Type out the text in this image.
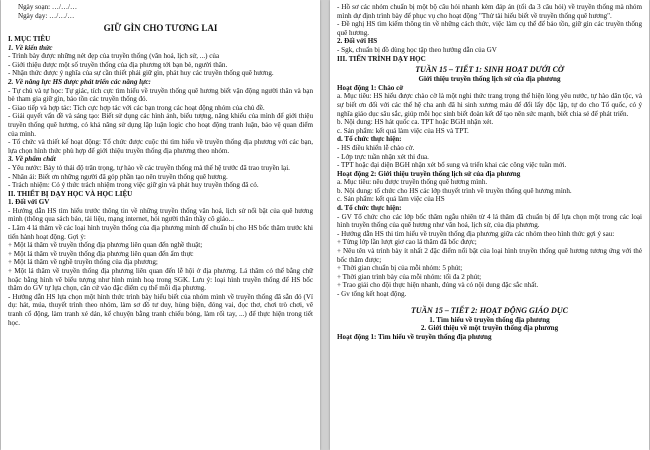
Ngày soạn: …/…/…
Ngày dạy: …/…/…
GIỮ GÌN CHO TƯƠNG LAI

I. MỤC TIÊU

1. Về kiến thức

- Trình bày được những nét đẹp của truyền thống (văn hoá, lịch sử, ...) của

- Giới thiệu được một số truyền thống của địa phương tới bạn bè, người thân.

- Nhận thức được ý nghĩa của sự cần thiết phải giữ gìn, phát huy các truyền thống quê hương.

2. Về năng lực HS được phát triển các năng lực:

- Tự chủ và tự học: Tự giác, tích cực tìm hiểu về truyền thống quê hương biết vận động người thân và bạn bè tham gia giữ gìn, bảo tồn các truyền thống đó.

- Giao tiếp và hợp tác: Tích cực hợp tác với các bạn trong các hoạt động nhóm của chủ đề.

- Giải quyết vấn đề và sáng tạo: Biết sử dụng các hình ảnh, biểu tượng, năng khiếu của mình để giới thiệu truyền thống quê hương, có khả năng sử dụng lập luận logic cho hoạt động tranh luận, bảo vệ quan điểm của mình.

- Tổ chức và thiết kế hoạt động: Tổ chức được cuộc thi tìm hiểu về truyền thống địa phương với các bạn, lựa chọn hình thức phù hợp để giới thiệu truyền thống địa phương theo nhóm.

3. Về phẩm chất

- Yêu nước: Bày tỏ thái độ trân trọng, tự hào về các truyền thống mà thế hệ trước đã trao truyền lại.

- Nhân ái: Biết ơn những người đã góp phần tạo nên truyền thống quê hương.

- Trách nhiệm: Có ý thức trách nhiệm trong việc giữ gìn và phát huy truyền thống đã có.

II. THIẾT BỊ DẠY HỌC VÀ HỌC LIỆU

1. Đối với GV

- Hướng dẫn HS tìm hiểu trước thông tin về những truyền thống văn hoá, lịch sử nổi bật của quê hương mình (thông qua sách báo, tài liệu, mạng internet, hỏi người thân thầy cô giáo...

- Lâm 4 lá thăm về các loại hình truyền thống của địa phương mình để chuẩn bị cho HS bốc thăm trước khi tiến hành hoạt động. Gợi ý:

+ Một lá thăm về truyền thống địa phương liên quan đến nghề thuật;

+ Một lá thăm về truyền thống địa phương liên quan đến ẩm thực

+ Một lá thăm về nghề truyền thống của địa phương;

+ Một lá thăm về truyền thống địa phương liên quan đến lễ hội ở địa phương. Lá thăm có thể bằng chữ hoặc bằng hình vẽ biểu tượng như hình minh hoạ trong SGK. Lưu ý: loại hình truyền thống để HS bốc thăm do GV tự lựa chọn, căn cứ vào đặc điểm cụ thể mỗi địa phương.

- Hướng dẫn HS lựa chọn một hình thức trình bày hiểu biết của nhóm mình về truyền thống đã sẵn đó (Ví dụ: hát, múa, thuyết trình theo nhóm, làm sơ đồ tư duy, hùng biện, đóng vai, đọc thơ, chơi trò chơi, vẽ tranh cổ động, làm tranh xé dán, kể chuyện bằng tranh chiếu bóng, làm rối tay, ...) để thực hiện trong tiết học.

- Hồ sơ các nhóm chuẩn bị một bộ câu hỏi nhanh kèm đáp án (tối đa 3 câu hỏi) về truyền thống mà nhóm mình dự định trình bày để phục vụ cho hoạt động "Thử tài hiểu biết về truyền thống quê hương".

- Đề nghị HS tìm kiếm thông tin về những cách thức, việc làm cụ thể để bảo tồn, giữ gìn các truyền thống quê hương.

2. Đối với HS

- Sgk, chuẩn bị đồ dùng học tập theo hướng dẫn của GV

III. TIẾN TRÌNH DẠY HỌC

TUẦN 15 – TIẾT 1: SINH HOẠT DƯỚI CỜ

Giới thiệu truyền thống lịch sử của địa phương

Hoạt động 1: Chào cờ

a. Mục tiêu: HS hiểu được chào cờ là một nghi thức trang trọng thể hiện lòng yêu nước, tự hào dân tộc, và sự biết ơn đối với các thế hệ cha anh đã hi sinh xương máu để đổi lấy độc lập, tự do cho Tổ quốc, có ý nghĩa giáo dục sâu sắc, giúp mỗi học sinh biết đoàn kết để tạo nên sức mạnh, biết chia sẻ để phát triển.

b. Nội dung: HS hát quốc ca. TPT hoặc BGH nhận xét.

c. Sản phẩm: kết quả làm việc của HS và TPT.

d. Tổ chức thực hiện:

- HS điều khiển lễ chào cờ.

- Lớp trực tuần nhận xét thi đua.

- TPT hoặc đại diện BGH nhận xét bổ sung và triển khai các công việc tuần mới.

Hoạt động 2: Giới thiệu truyền thống lịch sử của địa phương

a. Mục tiêu: nêu được truyền thống quê hương mình.

b. Nội dung: tổ chức cho HS các lớp thuyết trình về truyền thống quê hương mình.

c. Sản phẩm: kết quả làm việc của HS

d. Tổ chức thực hiện:

- GV Tổ chức cho các lớp bốc thăm ngẫu nhiên từ 4 lá thăm đã chuẩn bị để lựa chọn một trong các loại hình truyền thống của quê hương như văn hoá, lịch sử, của địa phương.

- Hướng dẫn HS thi tìm hiểu về truyền thống địa phương giữa các nhóm theo hình thức gợi ý sau:

+ Từng lớp lần lượt giơ cao lá thăm đã bốc được;

+ Nêu tên và trình bày ít nhất 2 đặc điểm nổi bật của loại hình truyền thống quê hương tương ứng với thẻ bốc thăm được;

+ Thời gian chuẩn bị của mỗi nhóm: 5 phút;

+ Thời gian trình bày của mỗi nhóm: tối đa 2 phút;

+ Trao giải cho đội thực hiện nhanh, đúng và có nội dung đặc sắc nhất.

- Gv tổng kết hoạt động.

TUẦN 15 – TIẾT 2: HOẠT ĐỘNG GIÁO DỤC

1. Tìm hiểu về truyền thống địa phương

2. Giới thiệu về một truyền thống địa phương

Hoạt động 1: Tìm hiểu về truyền thống địa phương
